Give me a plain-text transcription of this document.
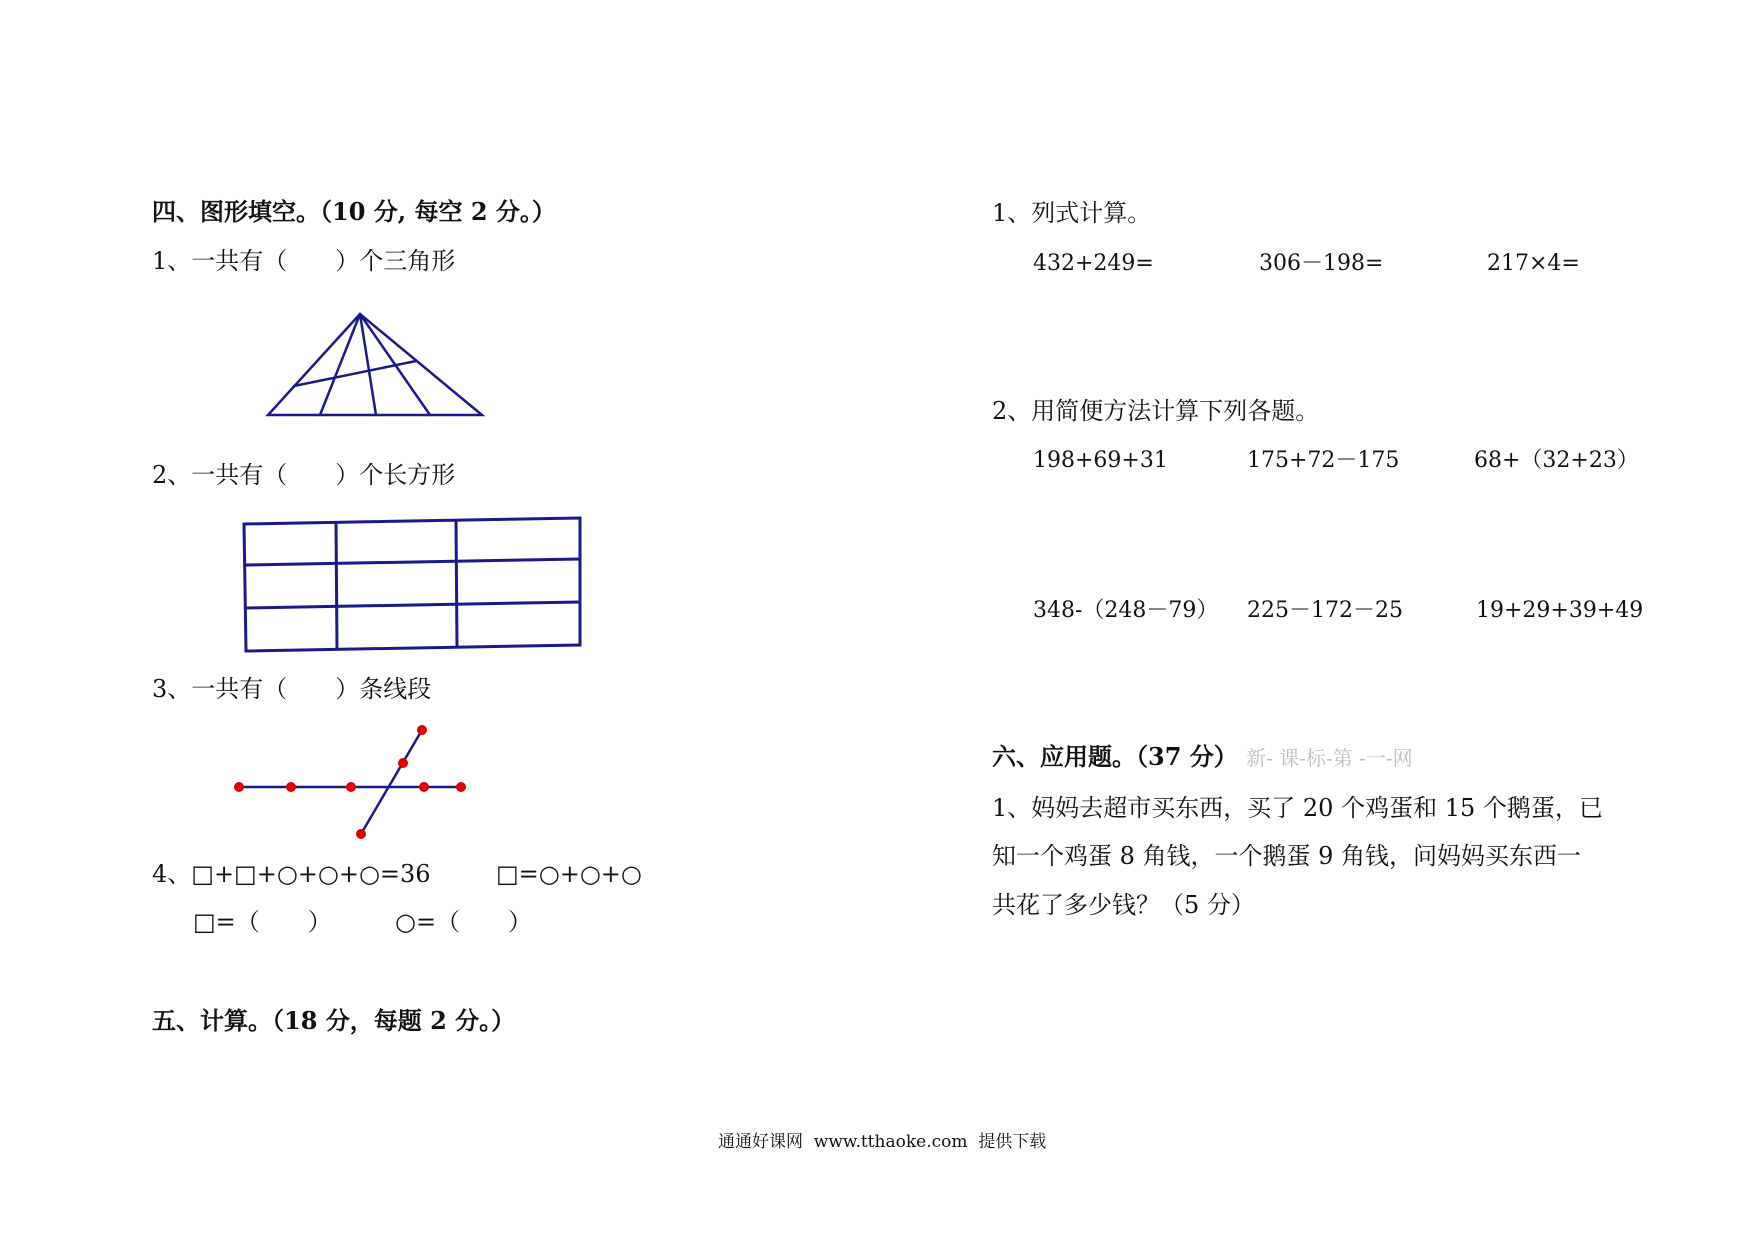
四、图形填空。（10 分, 每空 2 分。）
1、一共有（　　）个三角形
2、一共有（　　）个长方形
3、一共有（　　）条线段
4、□+□+○+○+○=36	□=○+○+○
□=（　　）	○=（　　）
五、计算。（18 分，每题 2 分。）
1、列式计算。
432+249=	306－198=	217×4=
2、用简便方法计算下列各题。
198+69+31	175+72－175	68+（32+23）
348-（248－79） 225－172－25	19+29+39+49
六、应用题。（37 分） 新- 课-标-第 -一-网
1、妈妈去超市买东西，买了 20 个鸡蛋和 15 个鹅蛋，已
知一个鸡蛋 8 角钱，一个鹅蛋 9 角钱，问妈妈买东西一
共花了多少钱？（5 分）
通通好课网  www.tthaoke.com  提供下载
